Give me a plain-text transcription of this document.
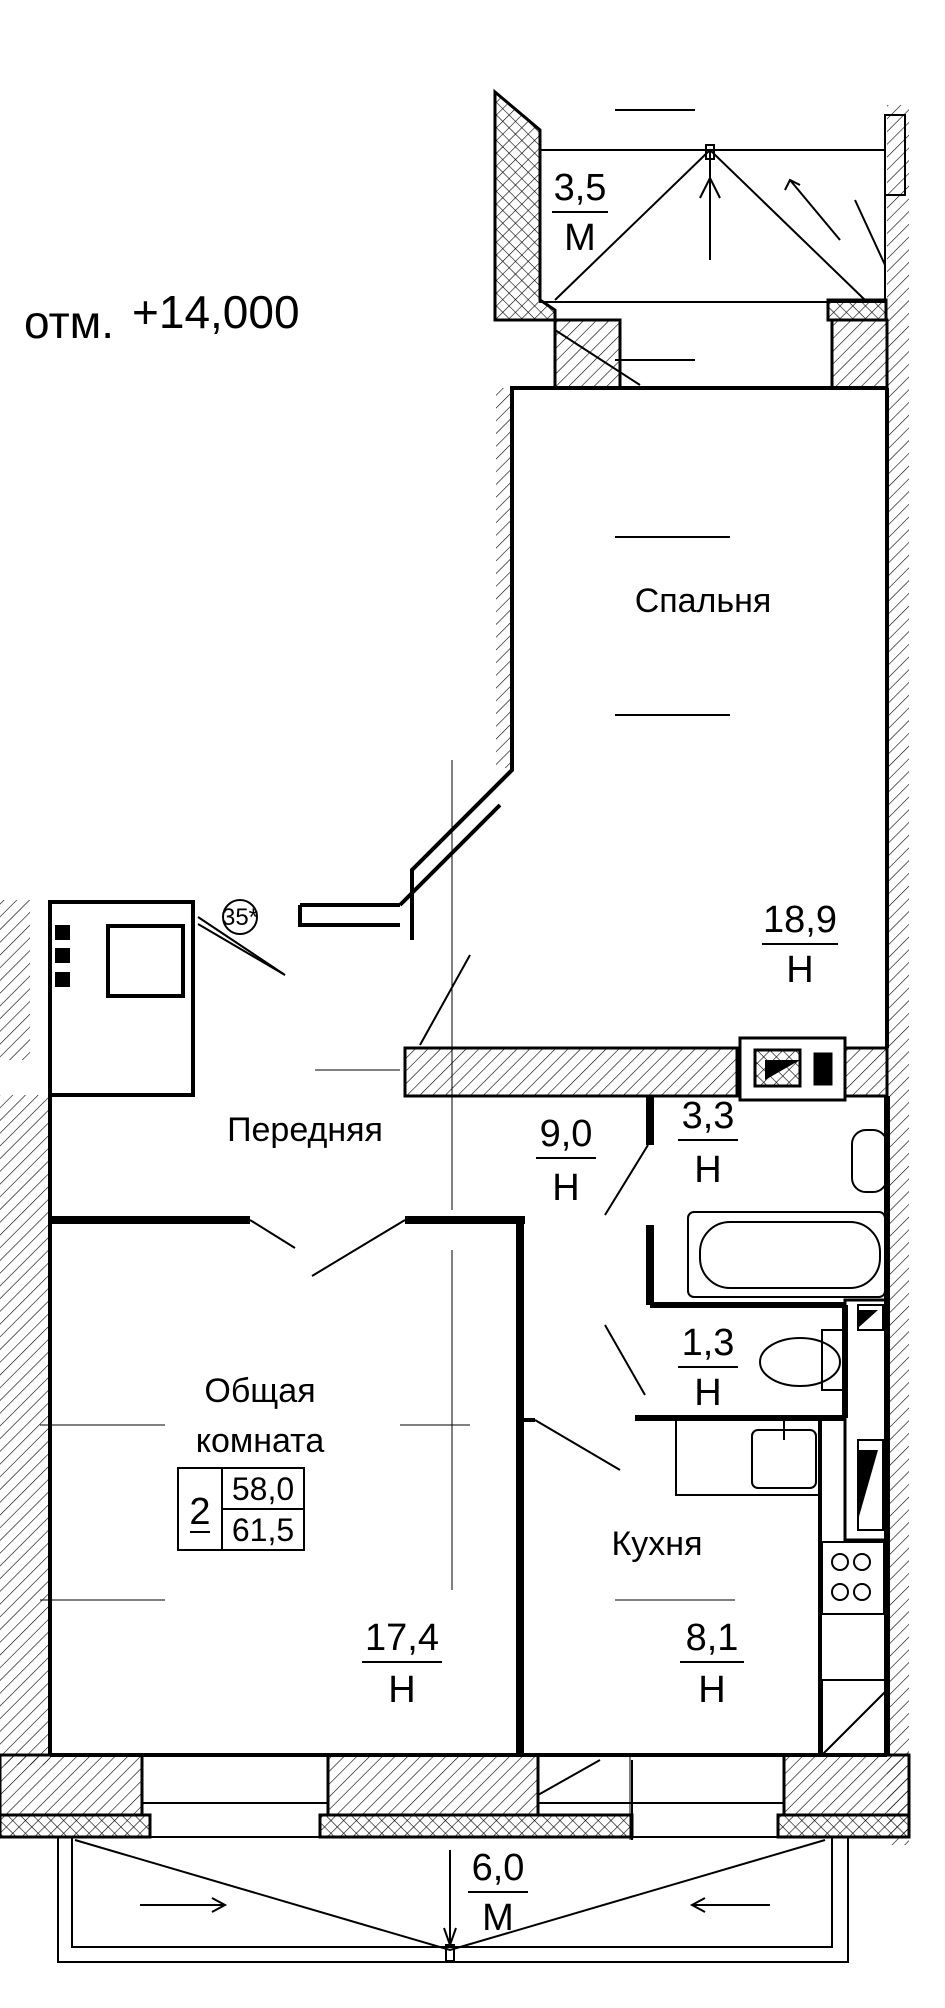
отм. +14,000
35*
3,5
М
Спальня
18,9
Н
Передняя	9,0
Н
3,3
Н
1,3
Н
Общая
комната
17,4
Н
2
58,0
61,5	Кухня
8,1
Н
6,0
М
